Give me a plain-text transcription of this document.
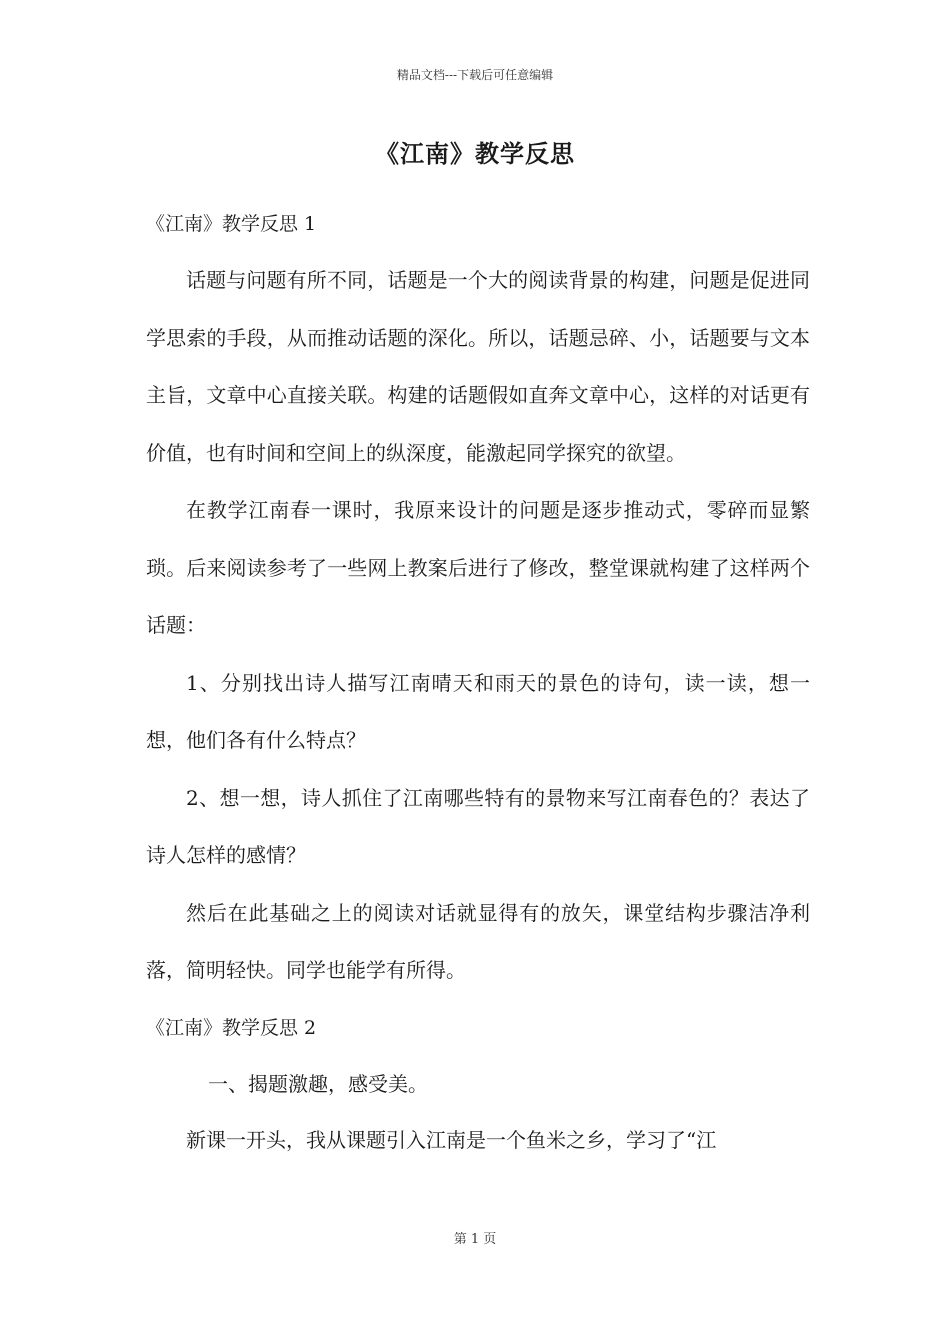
精品文档---下载后可任意编辑
《江南》教学反思

《江南》教学反思 1

话题与问题有所不同，话题是一个大的阅读背景的构建，问题是促进同学思索的手段，从而推动话题的深化。所以，话题忌碎、小，话题要与文本主旨，文章中心直接关联。构建的话题假如直奔文章中心，这样的对话更有价值，也有时间和空间上的纵深度，能激起同学探究的欲望。

在教学江南春一课时，我原来设计的问题是逐步推动式，零碎而显繁琐。后来阅读参考了一些网上教案后进行了修改，整堂课就构建了这样两个话题：

1、分别找出诗人描写江南晴天和雨天的景色的诗句，读一读，想一想，他们各有什么特点？

2、想一想，诗人抓住了江南哪些特有的景物来写江南春色的？表达了诗人怎样的感情？

然后在此基础之上的阅读对话就显得有的放矢，课堂结构步骤洁净利落，简明轻快。同学也能学有所得。

《江南》教学反思 2

一、揭题激趣，感受美。

新课一开头，我从课题引入江南是一个鱼米之乡，学习了“江

第 1 页
